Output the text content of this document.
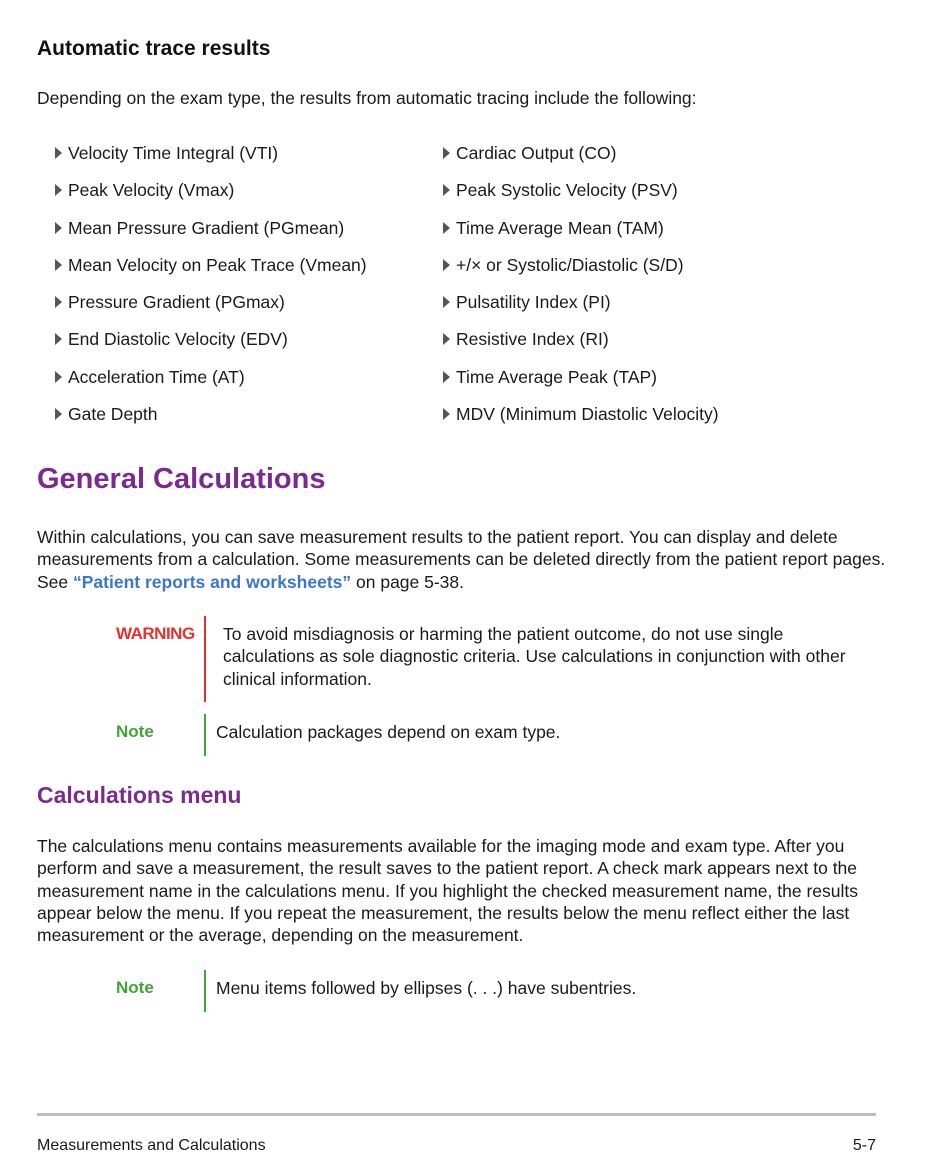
Automatic trace results

Depending on the exam type, the results from automatic tracing include the following:

Velocity Time Integral (VTI)
Peak Velocity (Vmax)
Mean Pressure Gradient (PGmean)
Mean Velocity on Peak Trace (Vmean)
Pressure Gradient (PGmax)
End Diastolic Velocity (EDV)
Acceleration Time (AT)
Gate Depth
Cardiac Output (CO)
Peak Systolic Velocity (PSV)
Time Average Mean (TAM)
+/× or Systolic/Diastolic (S/D)
Pulsatility Index (PI)
Resistive Index (RI)
Time Average Peak (TAP)
MDV (Minimum Diastolic Velocity)
General Calculations

Within calculations, you can save measurement results to the patient report. You can display and delete measurements from a calculation. Some measurements can be deleted directly from the patient report pages. See “Patient reports and worksheets” on page 5-38.

WARNING To avoid misdiagnosis or harming the patient outcome, do not use single calculations as sole diagnostic criteria. Use calculations in conjunction with other clinical information.

Note	Calculation packages depend on exam type.

Calculations menu

The calculations menu contains measurements available for the imaging mode and exam type. After you perform and save a measurement, the result saves to the patient report. A check mark appears next to the measurement name in the calculations menu. If you highlight the checked measurement name, the results appear below the menu. If you repeat the measurement, the results below the menu reflect either the last measurement or the average, depending on the measurement.

Note	Menu items followed by ellipses (. . .) have subentries.

Measurements and Calculations	5-7
